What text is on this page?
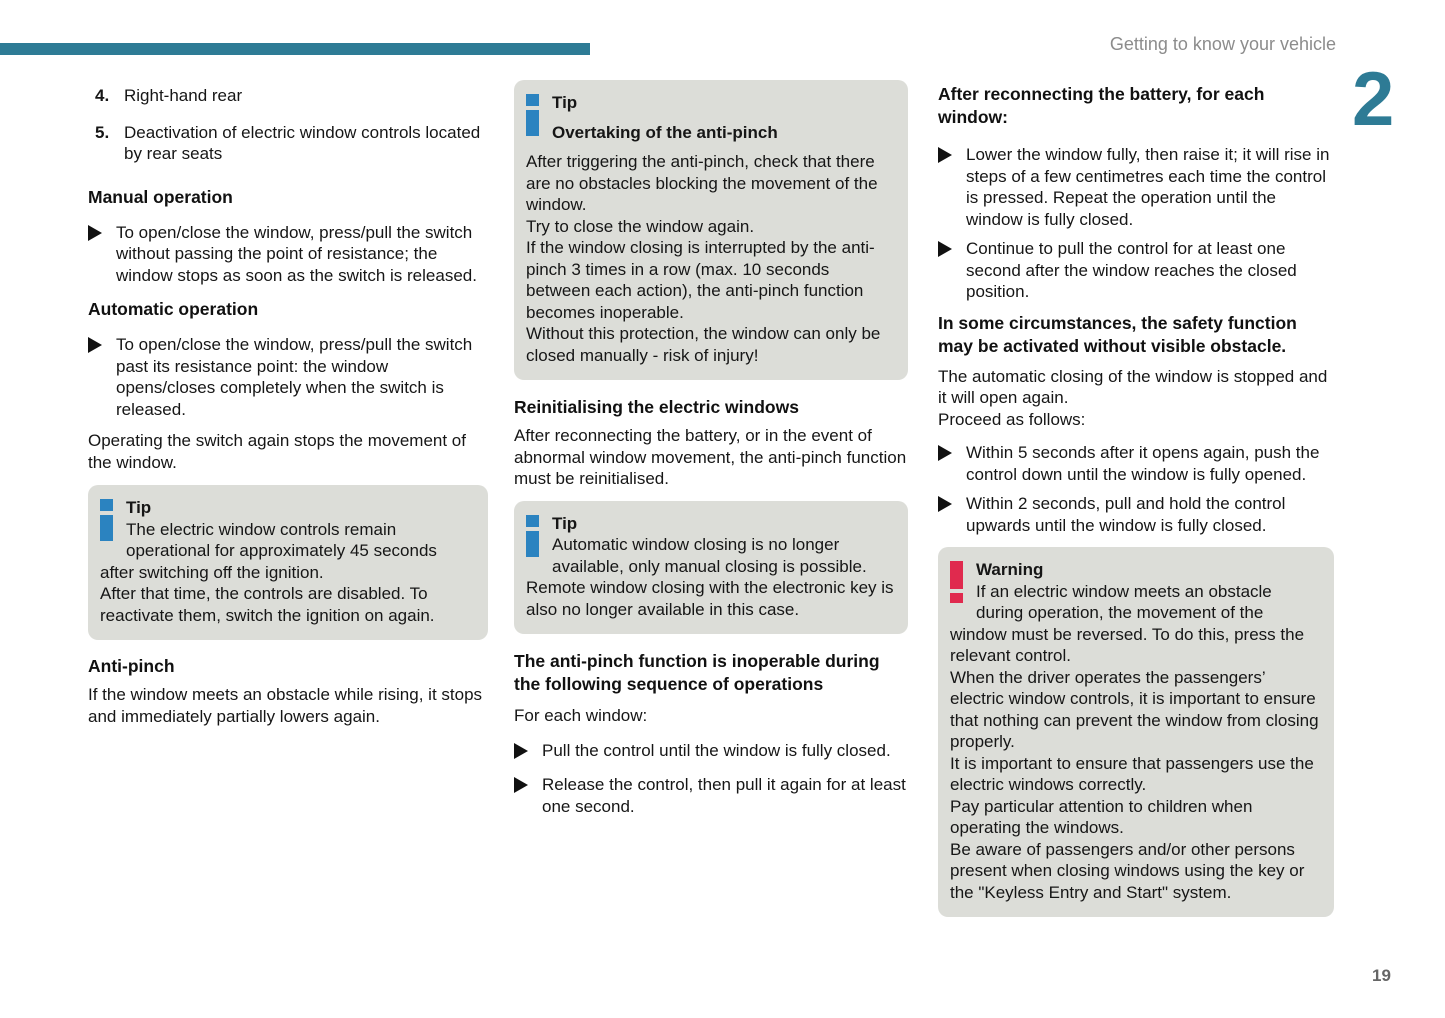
Getting to know your vehicle
2
4. Right-hand rear
5. Deactivation of electric window controls located by rear seats
Manual operation
To open/close the window, press/pull the switch without passing the point of resistance; the window stops as soon as the switch is released.
Automatic operation
To open/close the window, press/pull the switch past its resistance point: the window opens/closes completely when the switch is released.

Operating the switch again stops the movement of the window.

Tip
The electric window controls remain operational for approximately 45 seconds after switching off the ignition.
After that time, the controls are disabled. To reactivate them, switch the ignition on again.
Anti-pinch

If the window meets an obstacle while rising, it stops and immediately partially lowers again.

Tip
Overtaking of the anti-pinch
After triggering the anti-pinch, check that there are no obstacles blocking the movement of the window.
Try to close the window again.
If the window closing is interrupted by the anti-pinch 3 times in a row (max. 10 seconds between each action), the anti-pinch function becomes inoperable.
Without this protection, the window can only be closed manually - risk of injury!
Reinitialising the electric windows

After reconnecting the battery, or in the event of abnormal window movement, the anti-pinch function must be reinitialised.

Tip
Automatic window closing is no longer available, only manual closing is possible.
Remote window closing with the electronic key is also no longer available in this case.
The anti-pinch function is inoperable during the following sequence of operations

For each window:

Pull the control until the window is fully closed.
Release the control, then pull it again for at least one second.
After reconnecting the battery, for each window:
Lower the window fully, then raise it; it will rise in steps of a few centimetres each time the control is pressed. Repeat the operation until the window is fully closed.
Continue to pull the control for at least one second after the window reaches the closed position.
In some circumstances, the safety function may be activated without visible obstacle.

The automatic closing of the window is stopped and it will open again.
Proceed as follows:

Within 5 seconds after it opens again, push the control down until the window is fully opened.
Within 2 seconds, pull and hold the control upwards until the window is fully closed.
Warning
If an electric window meets an obstacle during operation, the movement of the window must be reversed. To do this, press the relevant control.
When the driver operates the passengers’ electric window controls, it is important to ensure that nothing can prevent the window from closing properly.
It is important to ensure that passengers use the electric windows correctly.
Pay particular attention to children when operating the windows.
Be aware of passengers and/or other persons present when closing windows using the key or the "Keyless Entry and Start" system.
19
